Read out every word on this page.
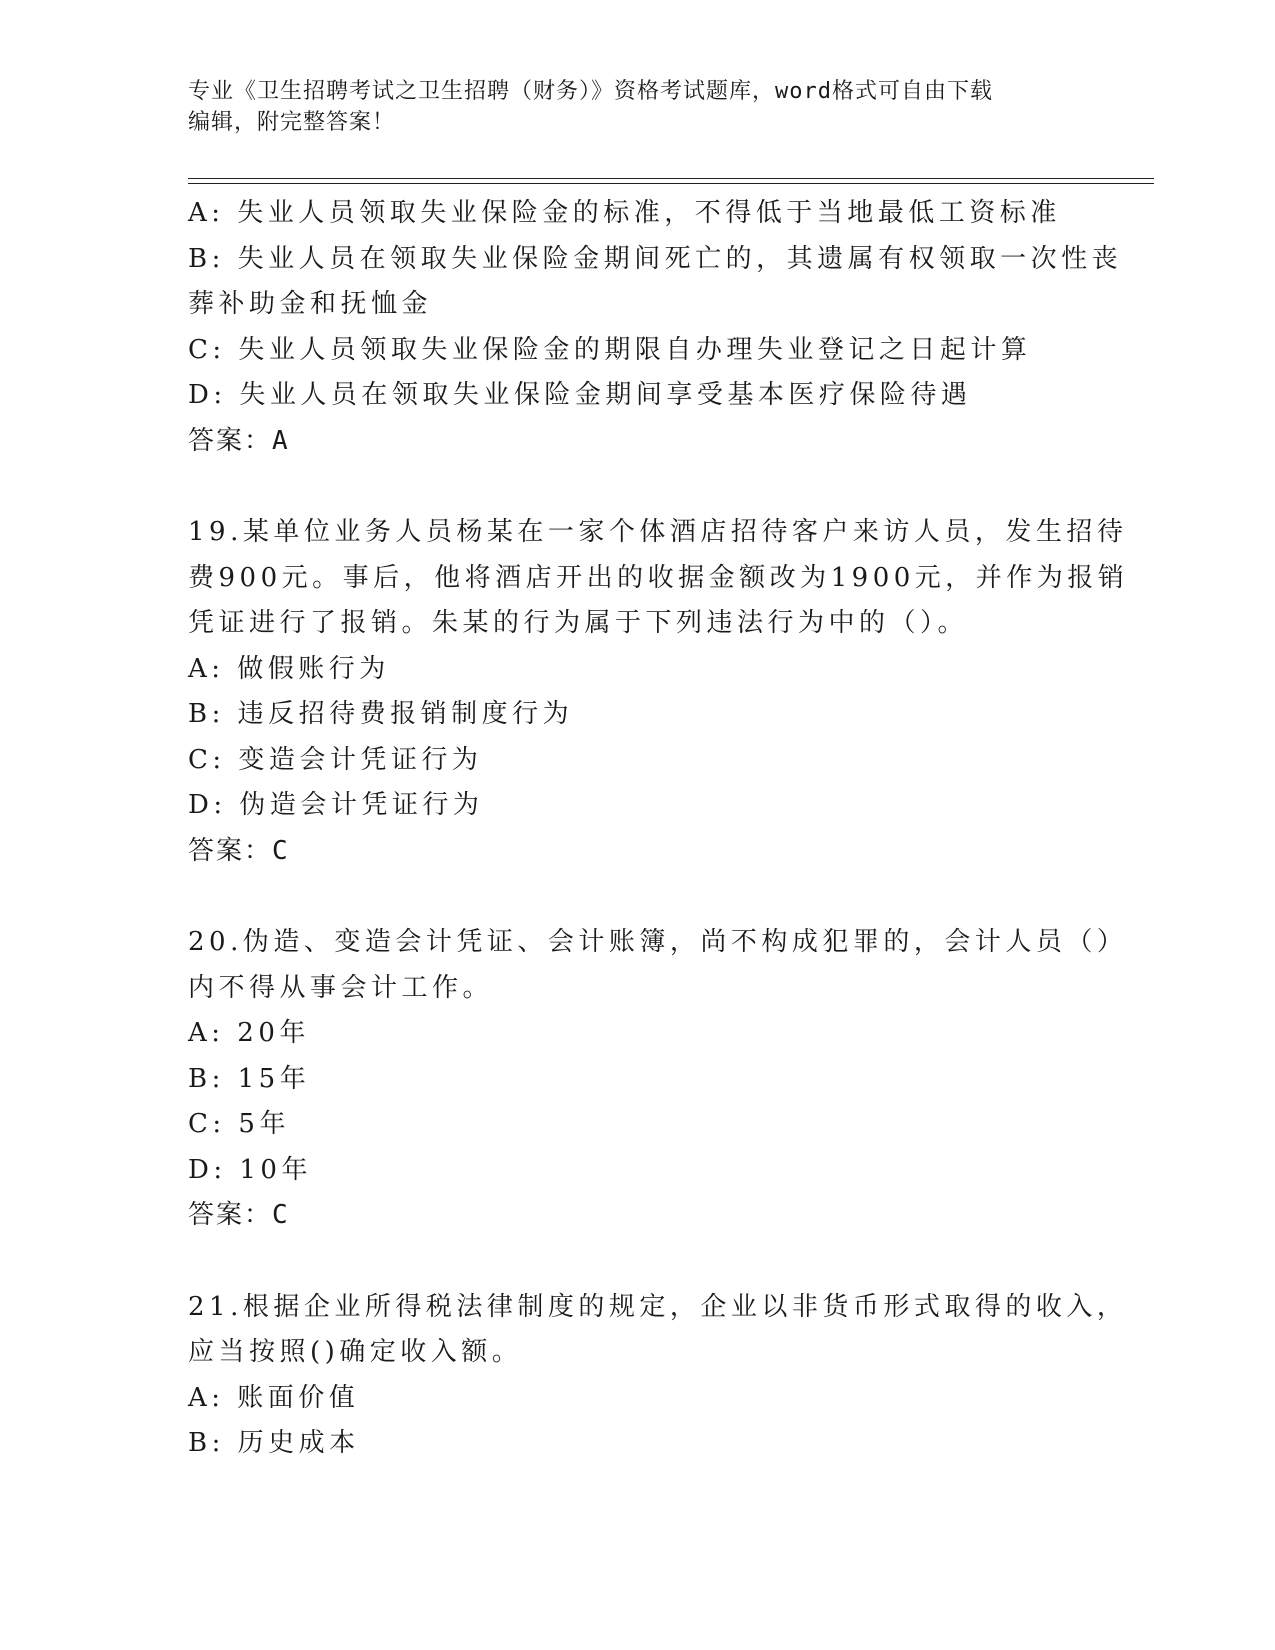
专业《卫生招聘考试之卫生招聘（财务）》资格考试题库，word格式可自由下载
编辑，附完整答案！
A: 失业人员领取失业保险金的标准，不得低于当地最低工资标准
B: 失业人员在领取失业保险金期间死亡的，其遗属有权领取一次性丧
葬补助金和抚恤金
C: 失业人员领取失业保险金的期限自办理失业登记之日起计算
D: 失业人员在领取失业保险金期间享受基本医疗保险待遇
答案：A
19.某单位业务人员杨某在一家个体酒店招待客户来访人员，发生招待
费900元。事后，他将酒店开出的收据金额改为1900元，并作为报销
凭证进行了报销。朱某的行为属于下列违法行为中的（）。
A: 做假账行为
B: 违反招待费报销制度行为
C: 变造会计凭证行为
D: 伪造会计凭证行为
答案：C
20.伪造、变造会计凭证、会计账簿，尚不构成犯罪的，会计人员（）
内不得从事会计工作。
A: 20年
B: 15年
C: 5年
D: 10年
答案：C
21.根据企业所得税法律制度的规定，企业以非货币形式取得的收入，
应当按照()确定收入额。
A: 账面价值
B: 历史成本
